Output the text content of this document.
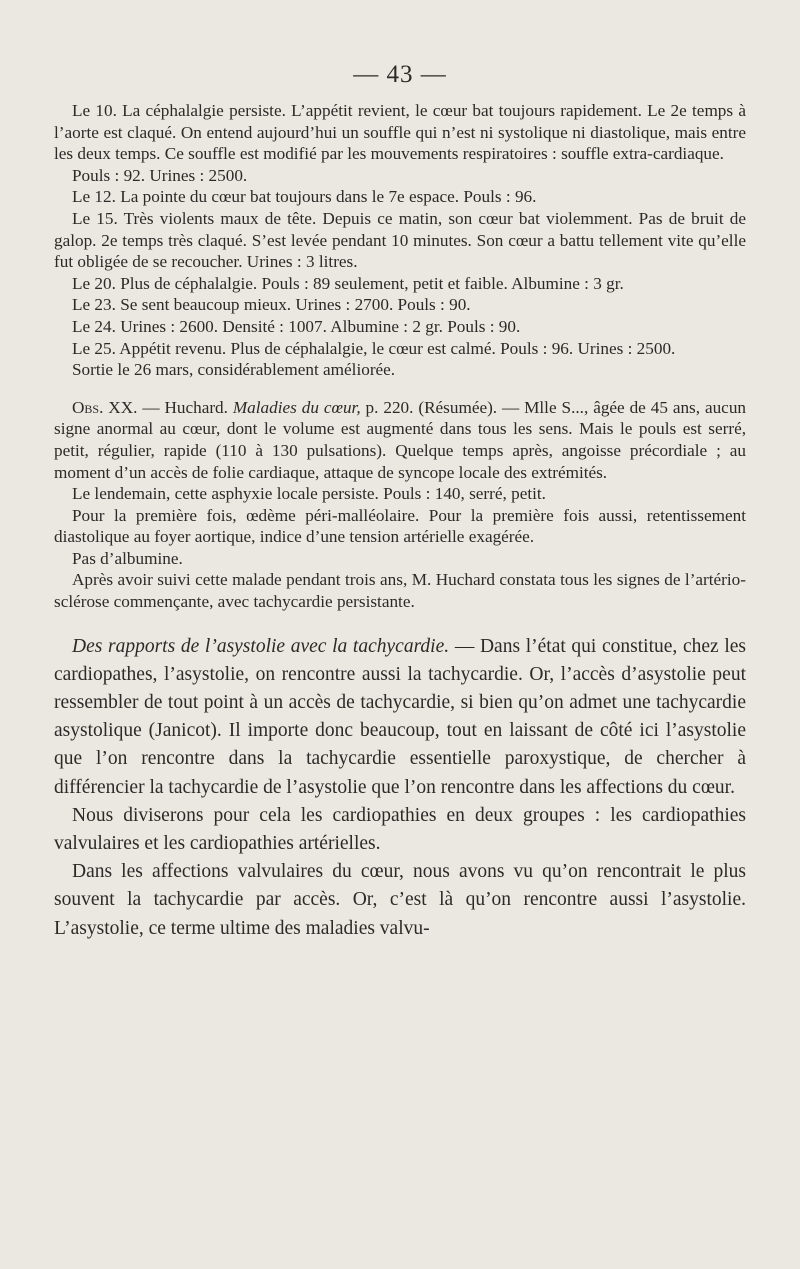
— 43 —

Le 10. La céphalalgie persiste. L’appétit revient, le cœur bat toujours rapidement. Le 2e temps à l’aorte est claqué. On entend aujourd’hui un souffle qui n’est ni systolique ni diastolique, mais entre les deux temps. Ce souffle est modifié par les mouvements respiratoires : souffle extra-cardiaque.

Pouls : 92. Urines : 2500.

Le 12. La pointe du cœur bat toujours dans le 7e espace. Pouls : 96.

Le 15. Très violents maux de tête. Depuis ce matin, son cœur bat violemment. Pas de bruit de galop. 2e temps très claqué. S’est levée pendant 10 minutes. Son cœur a battu tellement vite qu’elle fut obligée de se recoucher. Urines : 3 litres.

Le 20. Plus de céphalalgie. Pouls : 89 seulement, petit et faible. Albumine : 3 gr.

Le 23. Se sent beaucoup mieux. Urines : 2700. Pouls : 90.

Le 24. Urines : 2600. Densité : 1007. Albumine : 2 gr. Pouls : 90.

Le 25. Appétit revenu. Plus de céphalalgie, le cœur est calmé. Pouls : 96. Urines : 2500.

Sortie le 26 mars, considérablement améliorée.

Obs. XX. — Huchard. Maladies du cœur, p. 220. (Résumée). — Mlle S..., âgée de 45 ans, aucun signe anormal au cœur, dont le volume est augmenté dans tous les sens. Mais le pouls est serré, petit, régulier, rapide (110 à 130 pulsations). Quelque temps après, angoisse précordiale ; au moment d’un accès de folie cardiaque, attaque de syncope locale des extrémités.

Le lendemain, cette asphyxie locale persiste. Pouls : 140, serré, petit.

Pour la première fois, œdème péri-malléolaire. Pour la première fois aussi, retentissement diastolique au foyer aortique, indice d’une tension artérielle exagérée.

Pas d’albumine.

Après avoir suivi cette malade pendant trois ans, M. Huchard constata tous les signes de l’artério-sclérose commençante, avec tachycardie persistante.

Des rapports de l’asystolie avec la tachycardie. — Dans l’état qui constitue, chez les cardiopathes, l’asystolie, on rencontre aussi la tachycardie. Or, l’accès d’asystolie peut ressembler de tout point à un accès de tachycardie, si bien qu’on admet une tachycardie asystolique (Janicot). Il importe donc beaucoup, tout en laissant de côté ici l’asystolie que l’on rencontre dans la tachycardie essentielle paroxystique, de chercher à différencier la tachycardie de l’asystolie que l’on rencontre dans les affections du cœur.

Nous diviserons pour cela les cardiopathies en deux groupes : les cardiopathies valvulaires et les cardiopathies artérielles.

Dans les affections valvulaires du cœur, nous avons vu qu’on rencontrait le plus souvent la tachycardie par accès. Or, c’est là qu’on rencontre aussi l’asystolie. L’asystolie, ce terme ultime des maladies valvu-
